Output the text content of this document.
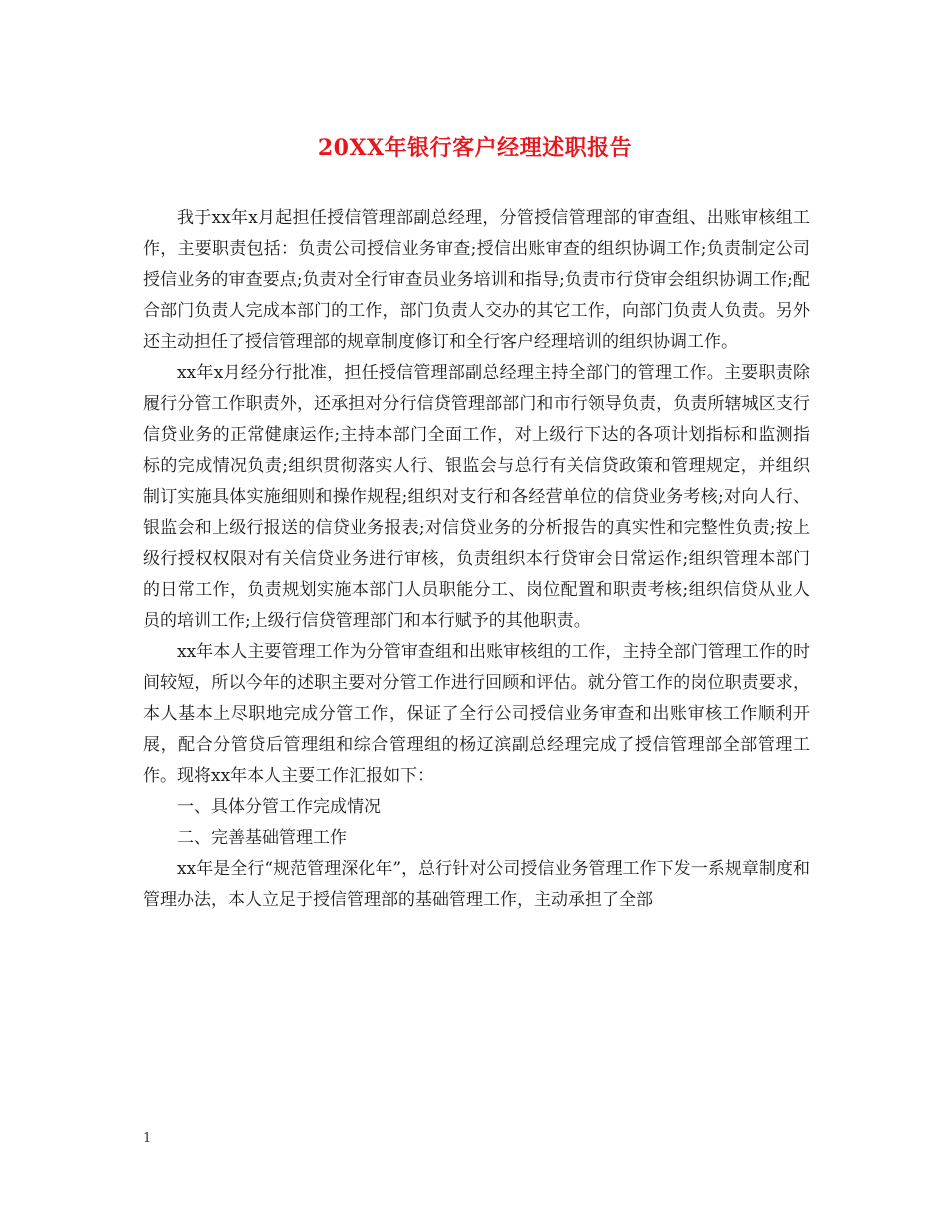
20XX年银行客户经理述职报告

我于xx年x月起担任授信管理部副总经理，分管授信管理部的审查组、出账审核组工作，主要职责包括：负责公司授信业务审查;授信出账审查的组织协调工作;负责制定公司授信业务的审查要点;负责对全行审查员业务培训和指导;负责市行贷审会组织协调工作;配合部门负责人完成本部门的工作，部门负责人交办的其它工作，向部门负责人负责。另外还主动担任了授信管理部的规章制度修订和全行客户经理培训的组织协调工作。

xx年x月经分行批准，担任授信管理部副总经理主持全部门的管理工作。主要职责除履行分管工作职责外，还承担对分行信贷管理部部门和市行领导负责，负责所辖城区支行信贷业务的正常健康运作;主持本部门全面工作，对上级行下达的各项计划指标和监测指标的完成情况负责;组织贯彻落实人行、银监会与总行有关信贷政策和管理规定，并组织制订实施具体实施细则和操作规程;组织对支行和各经营单位的信贷业务考核;对向人行、银监会和上级行报送的信贷业务报表;对信贷业务的分析报告的真实性和完整性负责;按上级行授权权限对有关信贷业务进行审核，负责组织本行贷审会日常运作;组织管理本部门的日常工作，负责规划实施本部门人员职能分工、岗位配置和职责考核;组织信贷从业人员的培训工作;上级行信贷管理部门和本行赋予的其他职责。

xx年本人主要管理工作为分管审查组和出账审核组的工作，主持全部门管理工作的时间较短，所以今年的述职主要对分管工作进行回顾和评估。就分管工作的岗位职责要求，本人基本上尽职地完成分管工作，保证了全行公司授信业务审查和出账审核工作顺利开展，配合分管贷后管理组和综合管理组的杨辽滨副总经理完成了授信管理部全部管理工作。现将xx年本人主要工作汇报如下：

一、具体分管工作完成情况

二、完善基础管理工作

xx年是全行“规范管理深化年”，总行针对公司授信业务管理工作下发一系规章制度和管理办法，本人立足于授信管理部的基础管理工作，主动承担了全部

1
